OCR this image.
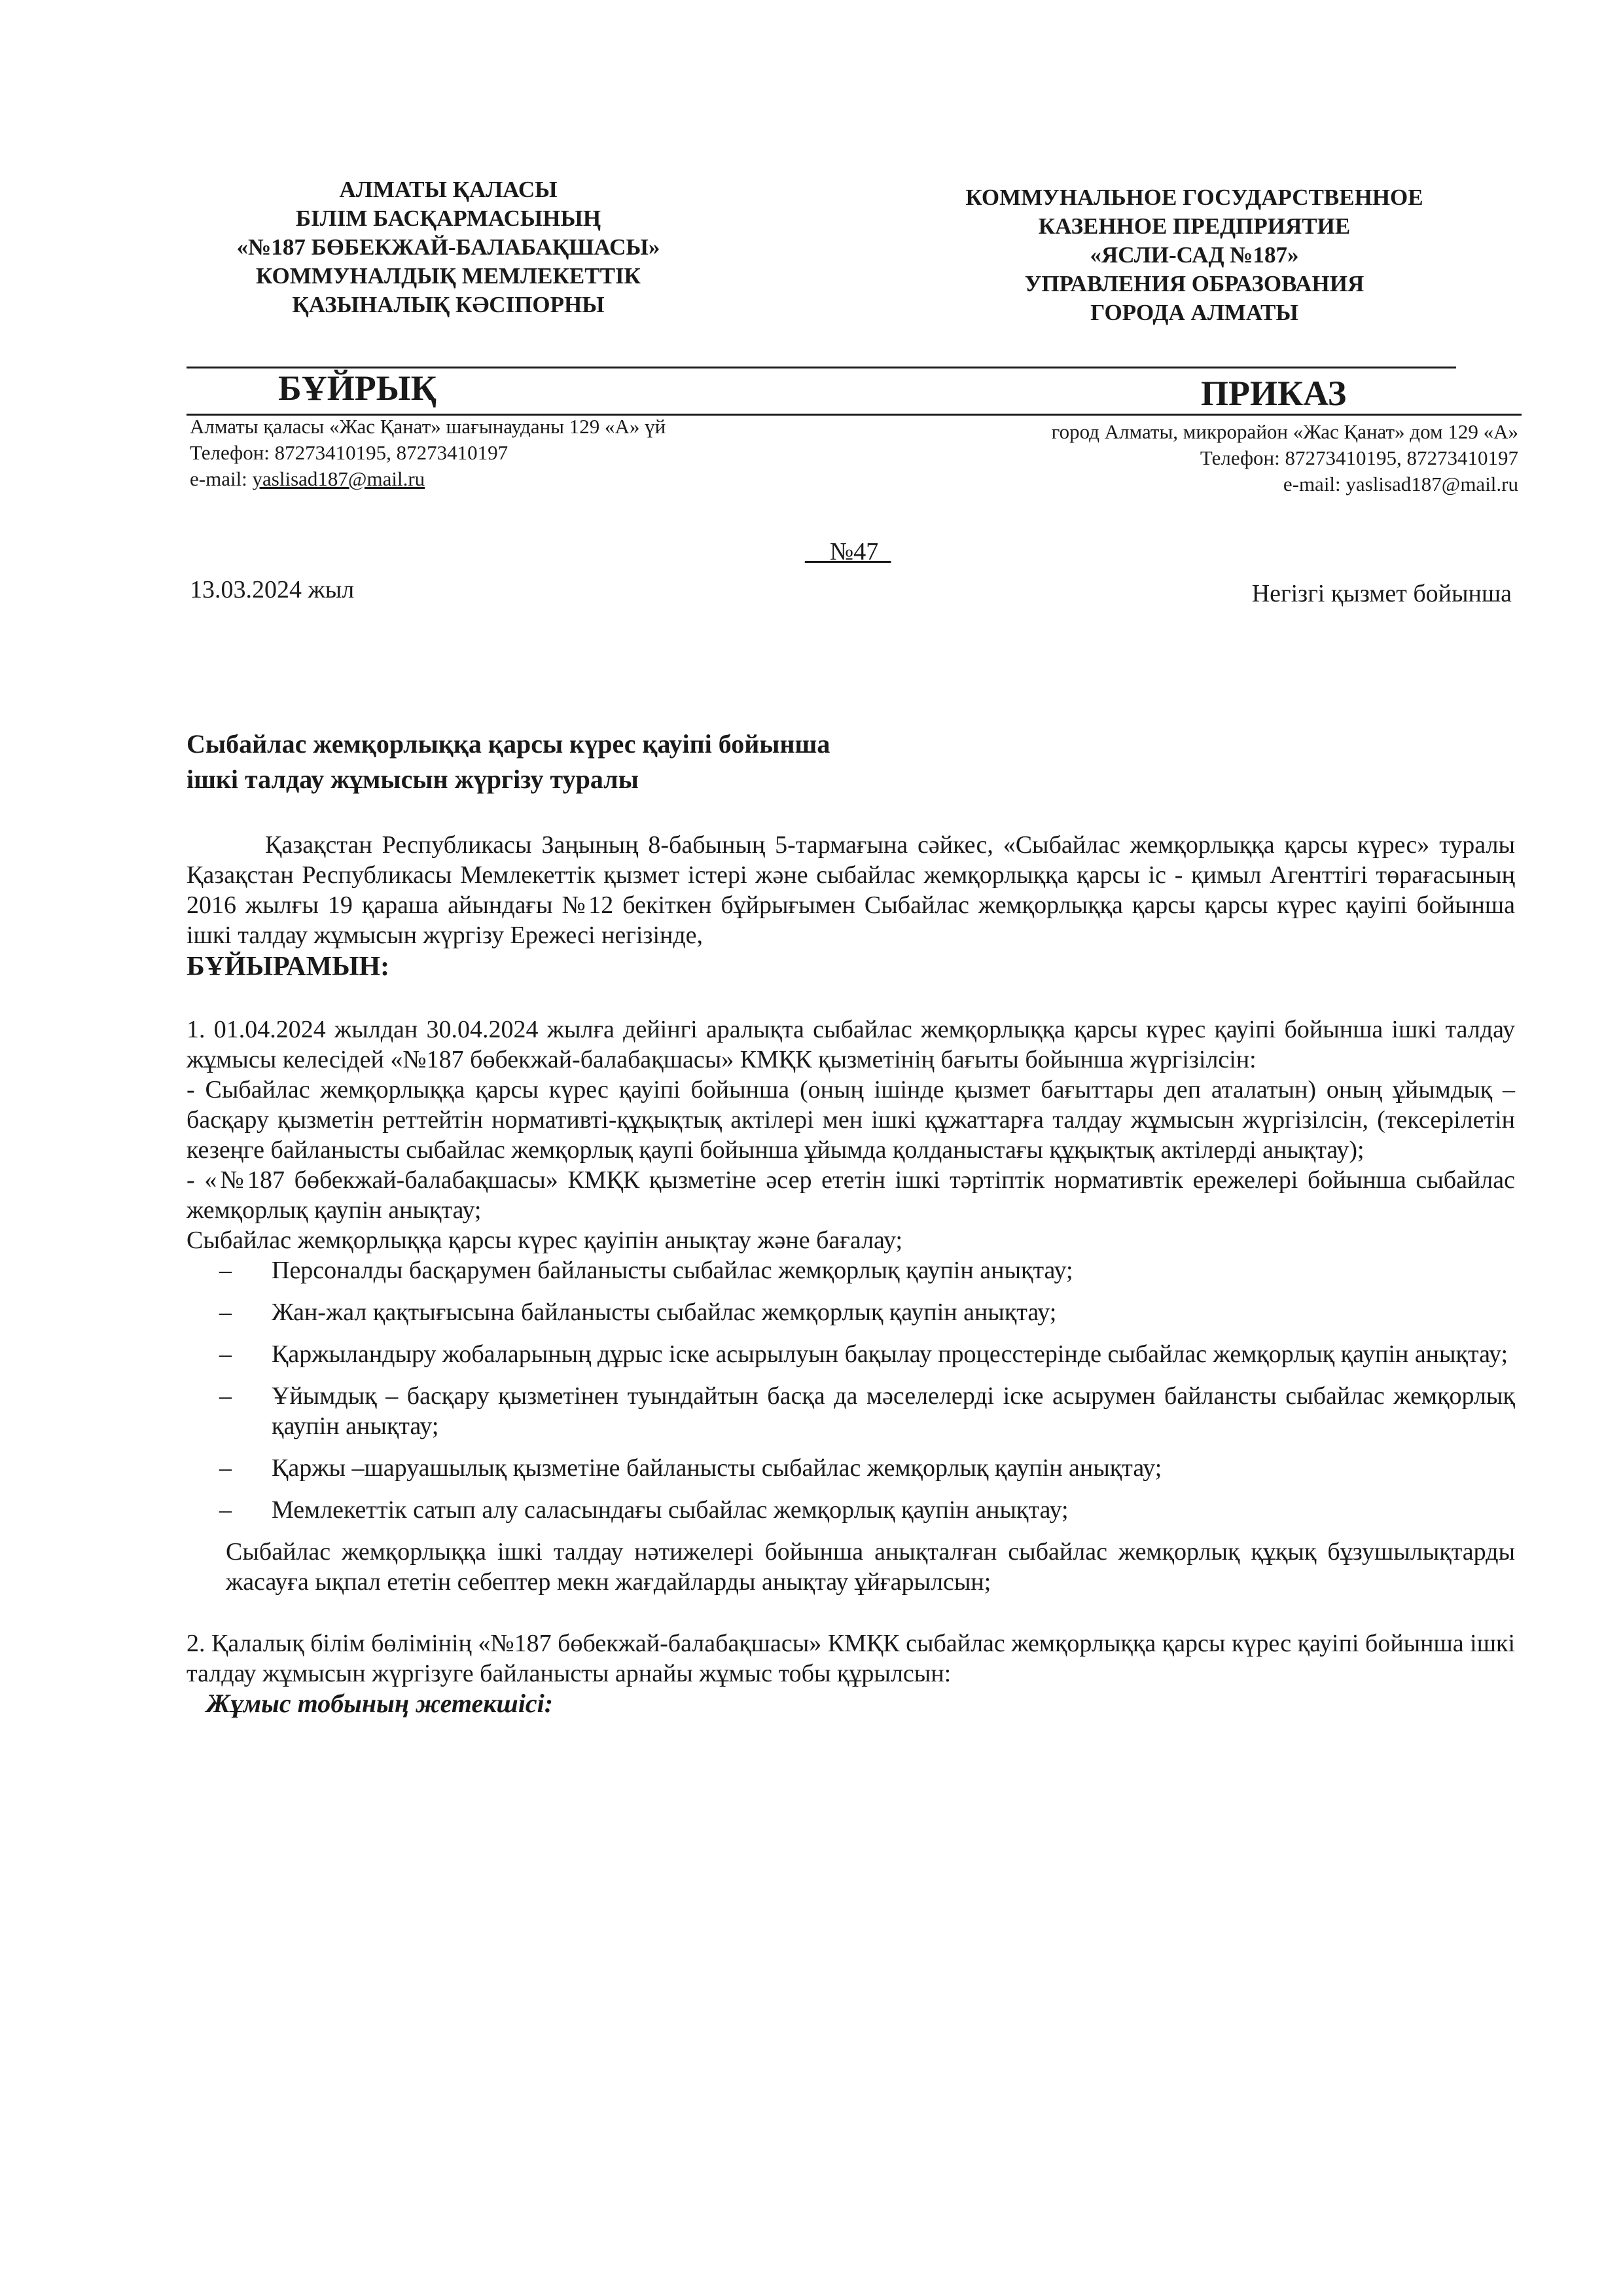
АЛМАТЫ ҚАЛАСЫ
БІЛІМ БАСҚАРМАСЫНЫҢ
«№187 БӨБЕКЖАЙ-БАЛАБАҚШАСЫ»
КОММУНАЛДЫҚ МЕМЛЕКЕТТІК
ҚАЗЫНАЛЫҚ КӘСІПОРНЫ
КОММУНАЛЬНОЕ ГОСУДАРСТВЕННОЕ
КАЗЕННОЕ ПРЕДПРИЯТИЕ
«ЯСЛИ-САД №187»
УПРАВЛЕНИЯ ОБРАЗОВАНИЯ
ГОРОДА АЛМАТЫ
БҰЙРЫҚ	ПРИКАЗ
Алматы қаласы «Жас Қанат» шағынауданы 129 «А» үй
Телефон: 87273410195, 87273410197
e-mail: yaslisad187@mail.ru
город Алматы, микрорайон «Жас Қанат» дом 129 «А»
Телефон: 87273410195, 87273410197
e-mail: yaslisad187@mail.ru
__№47_
13.03.2024 жыл	Негізгі қызмет бойынша
Сыбайлас жемқорлыққа қарсы күрес қауіпі бойынша
ішкі талдау жұмысын жүргізу туралы

Қазақстан Республикасы Заңының 8-бабының 5-тармағына сәйкес, «Сыбайлас жемқорлыққа қарсы күрес» туралы Қазақстан Республикасы Мемлекеттік қызмет істері және сыбайлас жемқорлыққа қарсы іс - қимыл Агенттігі төрағасының 2016 жылғы 19 қараша айындағы №12 бекіткен бұйрығымен Сыбайлас жемқорлыққа қарсы қарсы күрес қауіпі бойынша ішкі талдау жұмысын жүргізу Ережесі негізінде,

БҰЙЫРАМЫН:

1. 01.04.2024 жылдан 30.04.2024 жылға дейінгі аралықта сыбайлас жемқорлыққа қарсы күрес қауіпі бойынша ішкі талдау жұмысы келесідей «№187 бөбекжай-балабақшасы» КМҚК қызметінің бағыты бойынша жүргізілсін:

- Сыбайлас жемқорлыққа қарсы күрес қауіпі бойынша (оның ішінде қызмет бағыттары деп аталатын) оның ұйымдық – басқару қызметін реттейтін нормативті-құқықтық актілері мен ішкі құжаттарға талдау жұмысын жүргізілсін, (тексерілетін кезеңге байланысты сыбайлас жемқорлық қаупі бойынша ұйымда қолданыстағы құқықтық актілерді анықтау);

- «№187 бөбекжай-балабақшасы» КМҚК қызметіне әсер ететін ішкі тәртіптік нормативтік ережелері бойынша сыбайлас жемқорлық қаупін анықтау;

Сыбайлас жемқорлыққа қарсы күрес қауіпін анықтау және бағалау;

– Персоналды басқарумен байланысты сыбайлас жемқорлық қаупін анықтау;
– Жан-жал қақтығысына байланысты сыбайлас жемқорлық қаупін анықтау;
– Қаржыландыру жобаларының дұрыс іске асырылуын бақылау процесстерінде сыбайлас жемқорлық қаупін анықтау;
– Ұйымдық – басқару қызметінен туындайтын басқа да мәселелерді іске асырумен байлансты сыбайлас жемқорлық қаупін анықтау;
– Қаржы –шаруашылық қызметіне байланысты сыбайлас жемқорлық қаупін анықтау;
– Мемлекеттік сатып алу саласындағы сыбайлас жемқорлық қаупін анықтау;

Сыбайлас жемқорлыққа ішкі талдау нәтижелері бойынша анықталған сыбайлас жемқорлық құқық бұзушылықтарды жасауға ықпал ететін себептер мекн жағдайларды анықтау ұйғарылсын;

2. Қалалық білім бөлімінің «№187 бөбекжай-балабақшасы» КМҚК сыбайлас жемқорлыққа қарсы күрес қауіпі бойынша ішкі талдау жұмысын жүргізуге байланысты арнайы жұмыс тобы құрылсын:

Жұмыс тобының жетекшісі:
